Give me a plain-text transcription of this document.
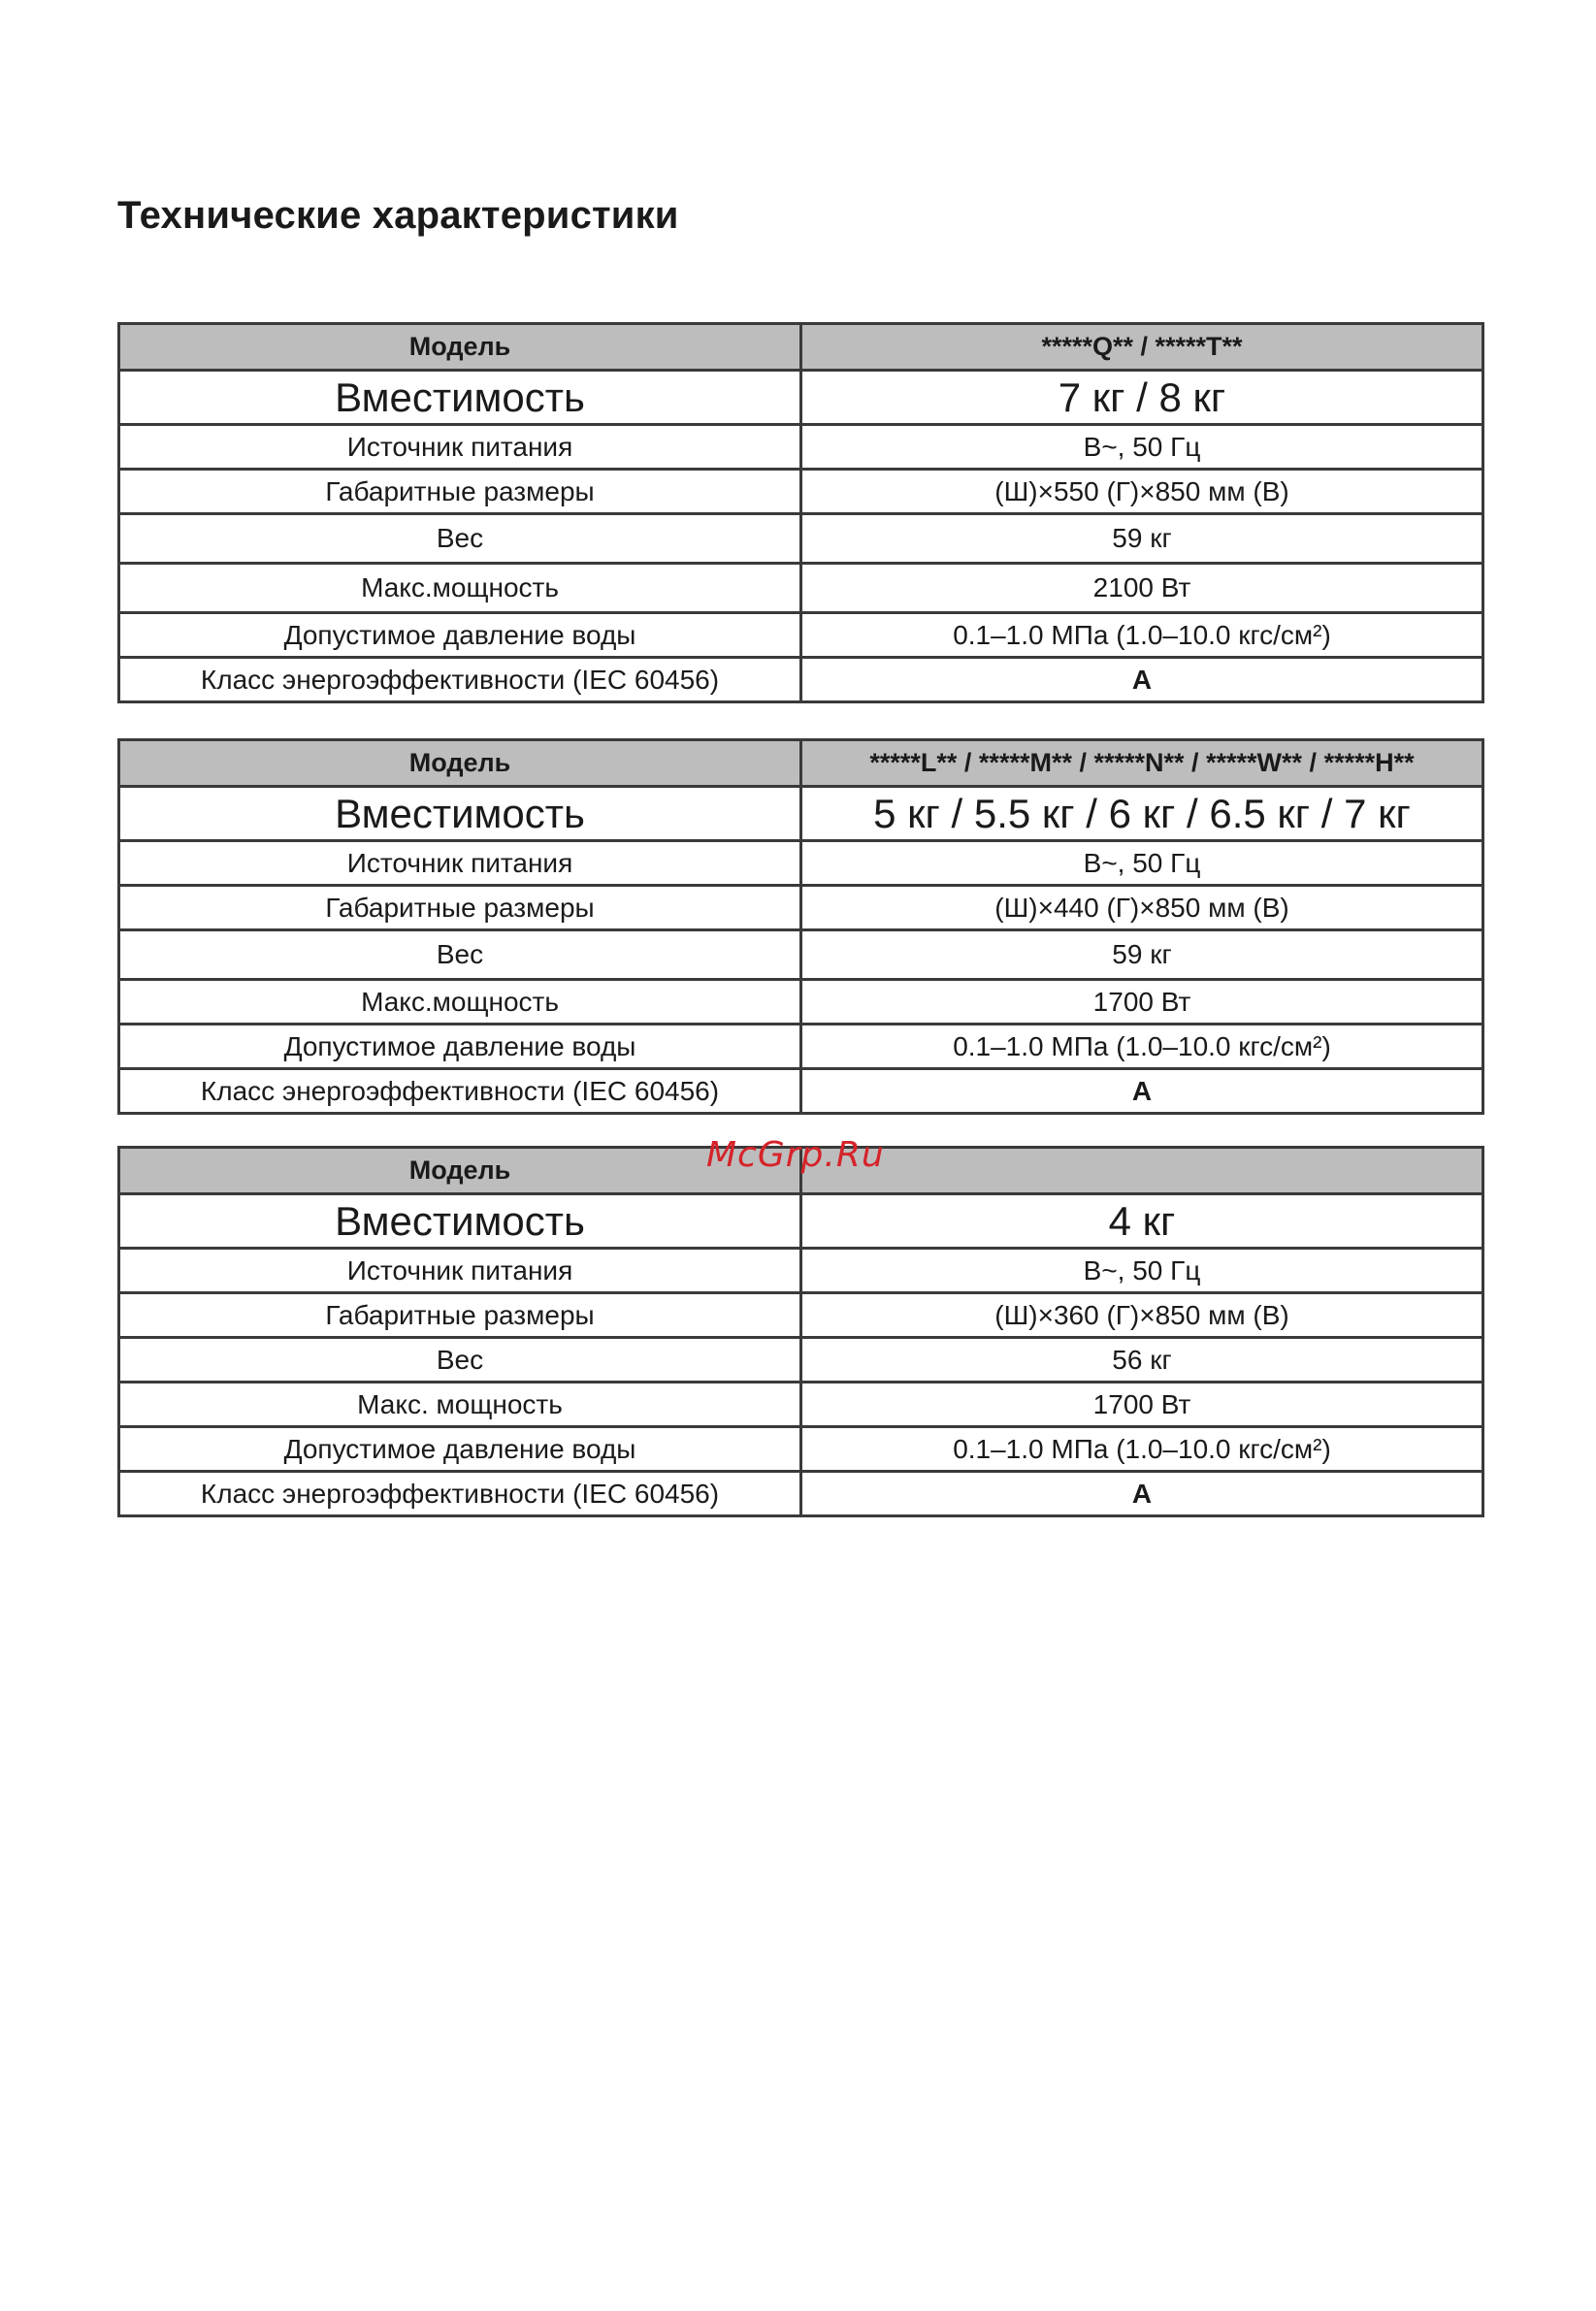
Технические характеристики
Модель	*****Q** / *****T**
Вместимость	7 кг / 8 кг
Источник питания	В~, 50 Гц
Габаритные размеры	(Ш)×550 (Г)×850 мм (В)
Вес	59 кг
Макс.мощность	2100 Вт
Допустимое давление воды	0.1–1.0 МПа (1.0–10.0 кгс/см²)
Класс энергоэффективности (IEC 60456)	A
Модель	*****L** / *****M** / *****N** / *****W** / *****H**
Вместимость	5 кг / 5.5 кг / 6 кг / 6.5 кг / 7 кг
Источник питания	В~, 50 Гц
Габаритные размеры	(Ш)×440 (Г)×850 мм (В)
Вес	59 кг
Макс.мощность	1700 Вт
Допустимое давление воды	0.1–1.0 МПа (1.0–10.0 кгс/см²)
Класс энергоэффективности (IEC 60456)	A
Модель	
Вместимость	4 кг
Источник питания	В~, 50 Гц
Габаритные размеры	(Ш)×360 (Г)×850 мм (В)
Вес	56 кг
Макс. мощность	1700 Вт
Допустимое давление воды	0.1–1.0 МПа (1.0–10.0 кгс/см²)
Класс энергоэффективности (IEC 60456)	A
McGrp.Ru
